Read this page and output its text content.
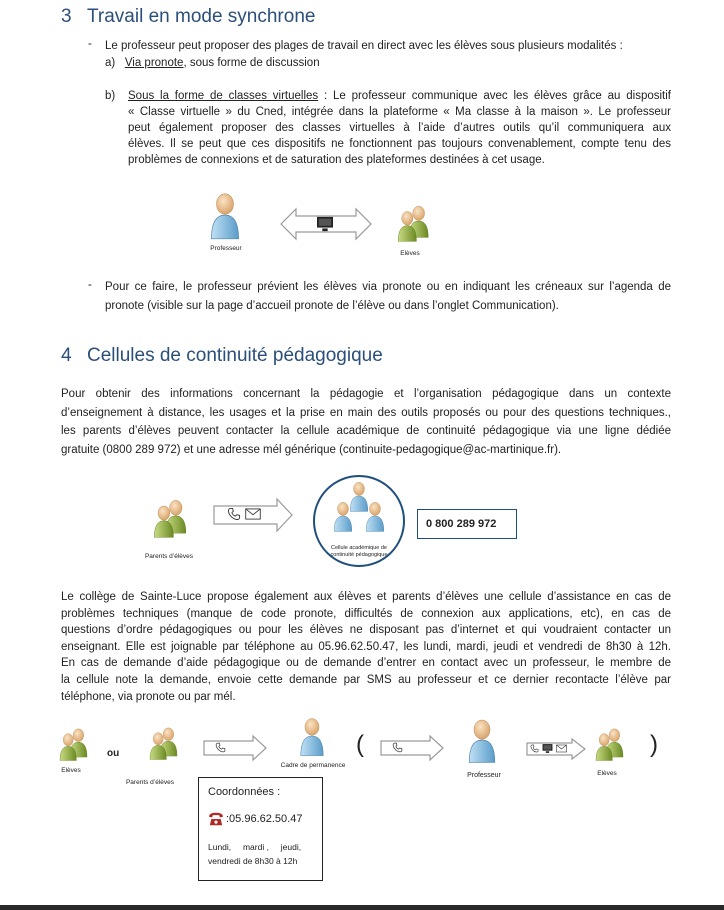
3 Travail en mode synchrone
- Le professeur peut proposer des plages de travail en direct avec les élèves sous plusieurs modalités :
a) Via pronote, sous forme de discussion
b) Sous la forme de classes virtuelles : Le professeur communique avec les élèves grâce au dispositif
« Classe virtuelle » du Cned, intégrée dans la plateforme « Ma classe à la maison ». Le professeur
peut également proposer des classes virtuelles à l’aide d’autres outils qu’il communiquera aux
élèves. Il se peut que ces dispositifs ne fonctionnent pas toujours convenablement, compte tenu des
problèmes de connexions et de saturation des plateformes destinées à cet usage.
Professeur
Elèves
- Pour ce faire, le professeur prévient les élèves via pronote ou en indiquant les créneaux sur l’agenda de
pronote (visible sur la page d’accueil pronote de l’élève ou dans l’onglet Communication).
4 Cellules de continuité pédagogique
Pour obtenir des informations concernant la pédagogie et l’organisation pédagogique dans un contexte
d’enseignement à distance, les usages et la prise en main des outils proposés ou pour des questions techniques.,
les parents d’élèves peuvent contacter la cellule académique de continuité pédagogique via une ligne dédiée
gratuite (0800 289 972) et une adresse mél générique (continuite-pedagogique@ac-martinique.fr).
Parents d’élèves
Cellule académique de continuité pédagogique
0 800 289 972
Le collège de Sainte-Luce propose également aux élèves et parents d’élèves une cellule d’assistance en cas de
problèmes techniques (manque de code pronote, difficultés de connexion aux applications, etc), en cas de
questions d’ordre pédagogiques ou pour les élèves ne disposant pas d’internet et qui voudraient contacter un
enseignant. Elle est joignable par téléphone au 05.96.62.50.47, les lundi, mardi, jeudi et vendredi de 8h30 à 12h.
En cas de demande d’aide pédagogique ou de demande d’entrer en contact avec un professeur, le membre de
la cellule note la demande, envoie cette demande par SMS au professeur et ce dernier recontacte l’élève par
téléphone, via pronote ou par mél.
Elèves
ou
Parents d’élèves
Cadre de permanence
(
Professeur	Elèves
)
Coordonnées :
:05.96.62.50.47
Lundi,     mardi ,     jeudi,
vendredi de 8h30 à 12h
